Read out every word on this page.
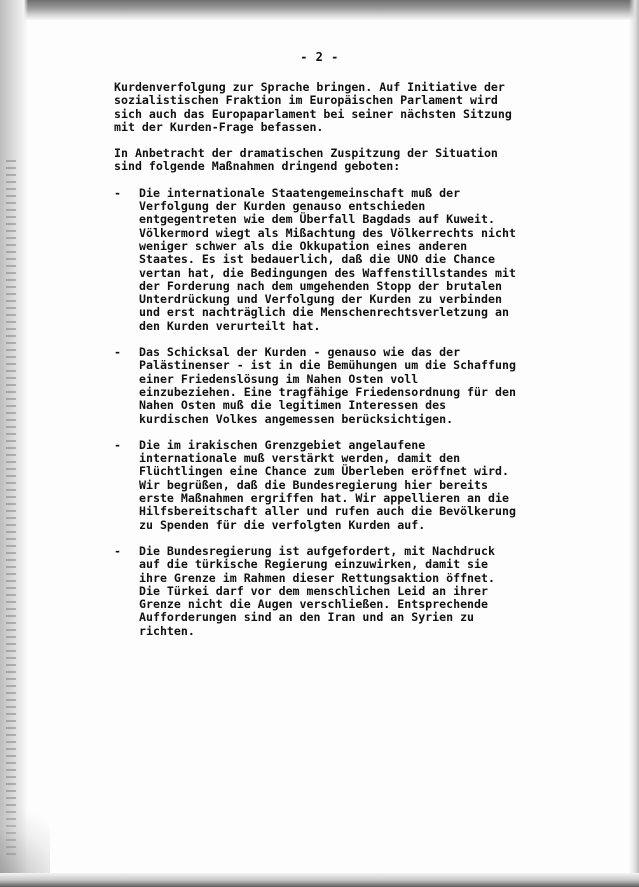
- 2 -

Kurdenverfolgung zur Sprache bringen. Auf Initiative der
sozialistischen Fraktion im Europäischen Parlament wird
sich auch das Europaparlament bei seiner nächsten Sitzung
mit der Kurden-Frage befassen.

In Anbetracht der dramatischen Zuspitzung der Situation
sind folgende Maßnahmen dringend geboten:

- Die internationale Staatengemeinschaft muß der
Verfolgung der Kurden genauso entschieden
entgegentreten wie dem Überfall Bagdads auf Kuweit.
Völkermord wiegt als Mißachtung des Völkerrechts nicht
weniger schwer als die Okkupation eines anderen
Staates. Es ist bedauerlich, daß die UNO die Chance
vertan hat, die Bedingungen des Waffenstillstandes mit
der Forderung nach dem umgehenden Stopp der brutalen
Unterdrückung und Verfolgung der Kurden zu verbinden
und erst nachträglich die Menschenrechtsverletzung an
den Kurden verurteilt hat.
- Das Schicksal der Kurden - genauso wie das der
Palästinenser - ist in die Bemühungen um die Schaffung
einer Friedenslösung im Nahen Osten voll
einzubeziehen. Eine tragfähige Friedensordnung für den
Nahen Osten muß die legitimen Interessen des
kurdischen Volkes angemessen berücksichtigen.
- Die im irakischen Grenzgebiet angelaufene
internationale muß verstärkt werden, damit den
Flüchtlingen eine Chance zum Überleben eröffnet wird.
Wir begrüßen, daß die Bundesregierung hier bereits
erste Maßnahmen ergriffen hat. Wir appellieren an die
Hilfsbereitschaft aller und rufen auch die Bevölkerung
zu Spenden für die verfolgten Kurden auf.
- Die Bundesregierung ist aufgefordert, mit Nachdruck
auf die türkische Regierung einzuwirken, damit sie
ihre Grenze im Rahmen dieser Rettungsaktion öffnet.
Die Türkei darf vor dem menschlichen Leid an ihrer
Grenze nicht die Augen verschließen. Entsprechende
Aufforderungen sind an den Iran und an Syrien zu
richten.
